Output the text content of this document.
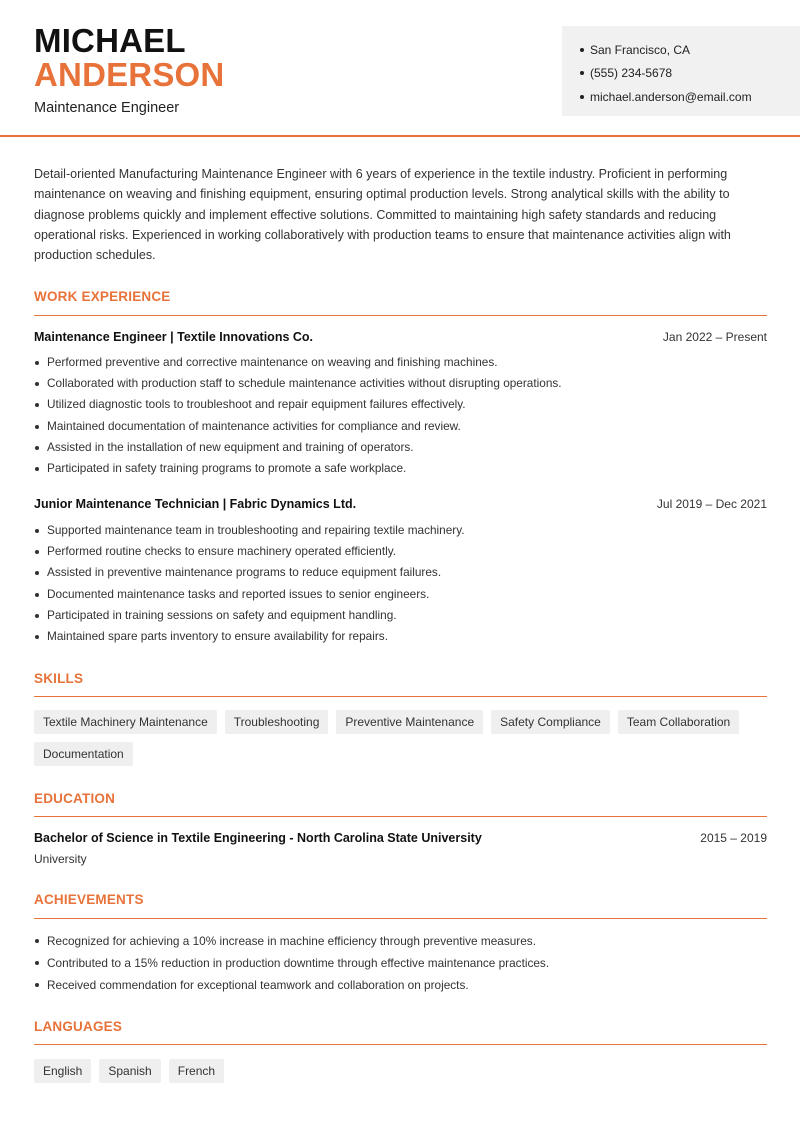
MICHAEL
ANDERSON
Maintenance Engineer
San Francisco, CA
(555) 234-5678
michael.anderson@email.com

Detail-oriented Manufacturing Maintenance Engineer with 6 years of experience in the textile industry. Proficient in performing maintenance on weaving and finishing equipment, ensuring optimal production levels. Strong analytical skills with the ability to diagnose problems quickly and implement effective solutions. Committed to maintaining high safety standards and reducing operational risks. Experienced in working collaboratively with production teams to ensure that maintenance activities align with production schedules.

WORK EXPERIENCE
Maintenance Engineer | Textile Innovations Co.	Jan 2022 – Present
Performed preventive and corrective maintenance on weaving and finishing machines.
Collaborated with production staff to schedule maintenance activities without disrupting operations.
Utilized diagnostic tools to troubleshoot and repair equipment failures effectively.
Maintained documentation of maintenance activities for compliance and review.
Assisted in the installation of new equipment and training of operators.
Participated in safety training programs to promote a safe workplace.
Junior Maintenance Technician | Fabric Dynamics Ltd.	Jul 2019 – Dec 2021
Supported maintenance team in troubleshooting and repairing textile machinery.
Performed routine checks to ensure machinery operated efficiently.
Assisted in preventive maintenance programs to reduce equipment failures.
Documented maintenance tasks and reported issues to senior engineers.
Participated in training sessions on safety and equipment handling.
Maintained spare parts inventory to ensure availability for repairs.
SKILLS
Textile Machinery Maintenance	Troubleshooting	Preventive Maintenance	Safety Compliance	Team Collaboration
Documentation
EDUCATION
Bachelor of Science in Textile Engineering - North Carolina State University	2015 – 2019
University
ACHIEVEMENTS
Recognized for achieving a 10% increase in machine efficiency through preventive measures.
Contributed to a 15% reduction in production downtime through effective maintenance practices.
Received commendation for exceptional teamwork and collaboration on projects.
LANGUAGES
English	Spanish	French
